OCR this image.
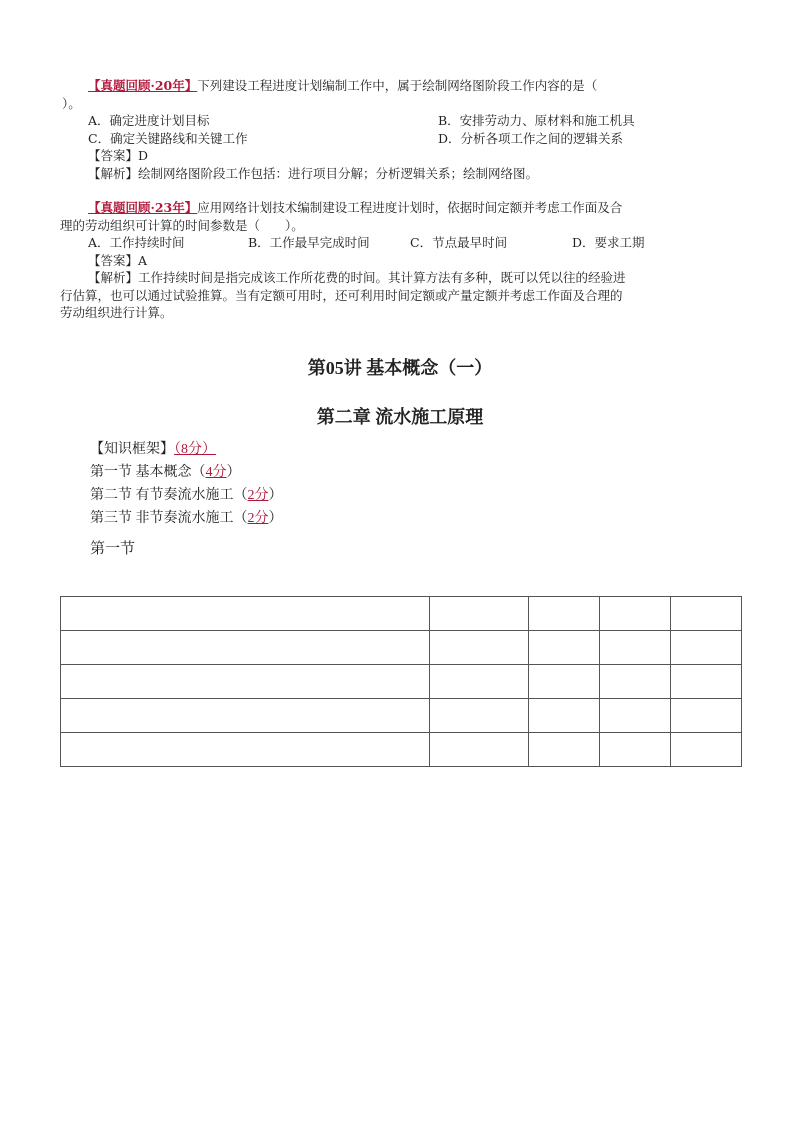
【真题回顾·20年】下列建设工程进度计划编制工作中，属于绘制网络图阶段工作内容的是（
）。
A．确定进度计划目标	B．安排劳动力、原材料和施工机具
C．确定关键路线和关键工作	D．分析各项工作之间的逻辑关系
【答案】D
【解析】绘制网络图阶段工作包括：进行项目分解；分析逻辑关系；绘制网络图。
【真题回顾·23年】应用网络计划技术编制建设工程进度计划时，依据时间定额并考虑工作面及合
理的劳动组织可计算的时间参数是（　　）。
A．工作持续时间	B．工作最早完成时间	C．节点最早时间	D．要求工期
【答案】A
【解析】工作持续时间是指完成该工作所花费的时间。其计算方法有多种，既可以凭以往的经验进
行估算，也可以通过试验推算。当有定额可用时，还可利用时间定额或产量定额并考虑工作面及合理的
劳动组织进行计算。
第05讲 基本概念（一）
第二章 流水施工原理
【知识框架】（8分）
第一节 基本概念（4分）
第二节 有节奏流水施工（2分）
第三节 非节奏流水施工（2分）
第一节
